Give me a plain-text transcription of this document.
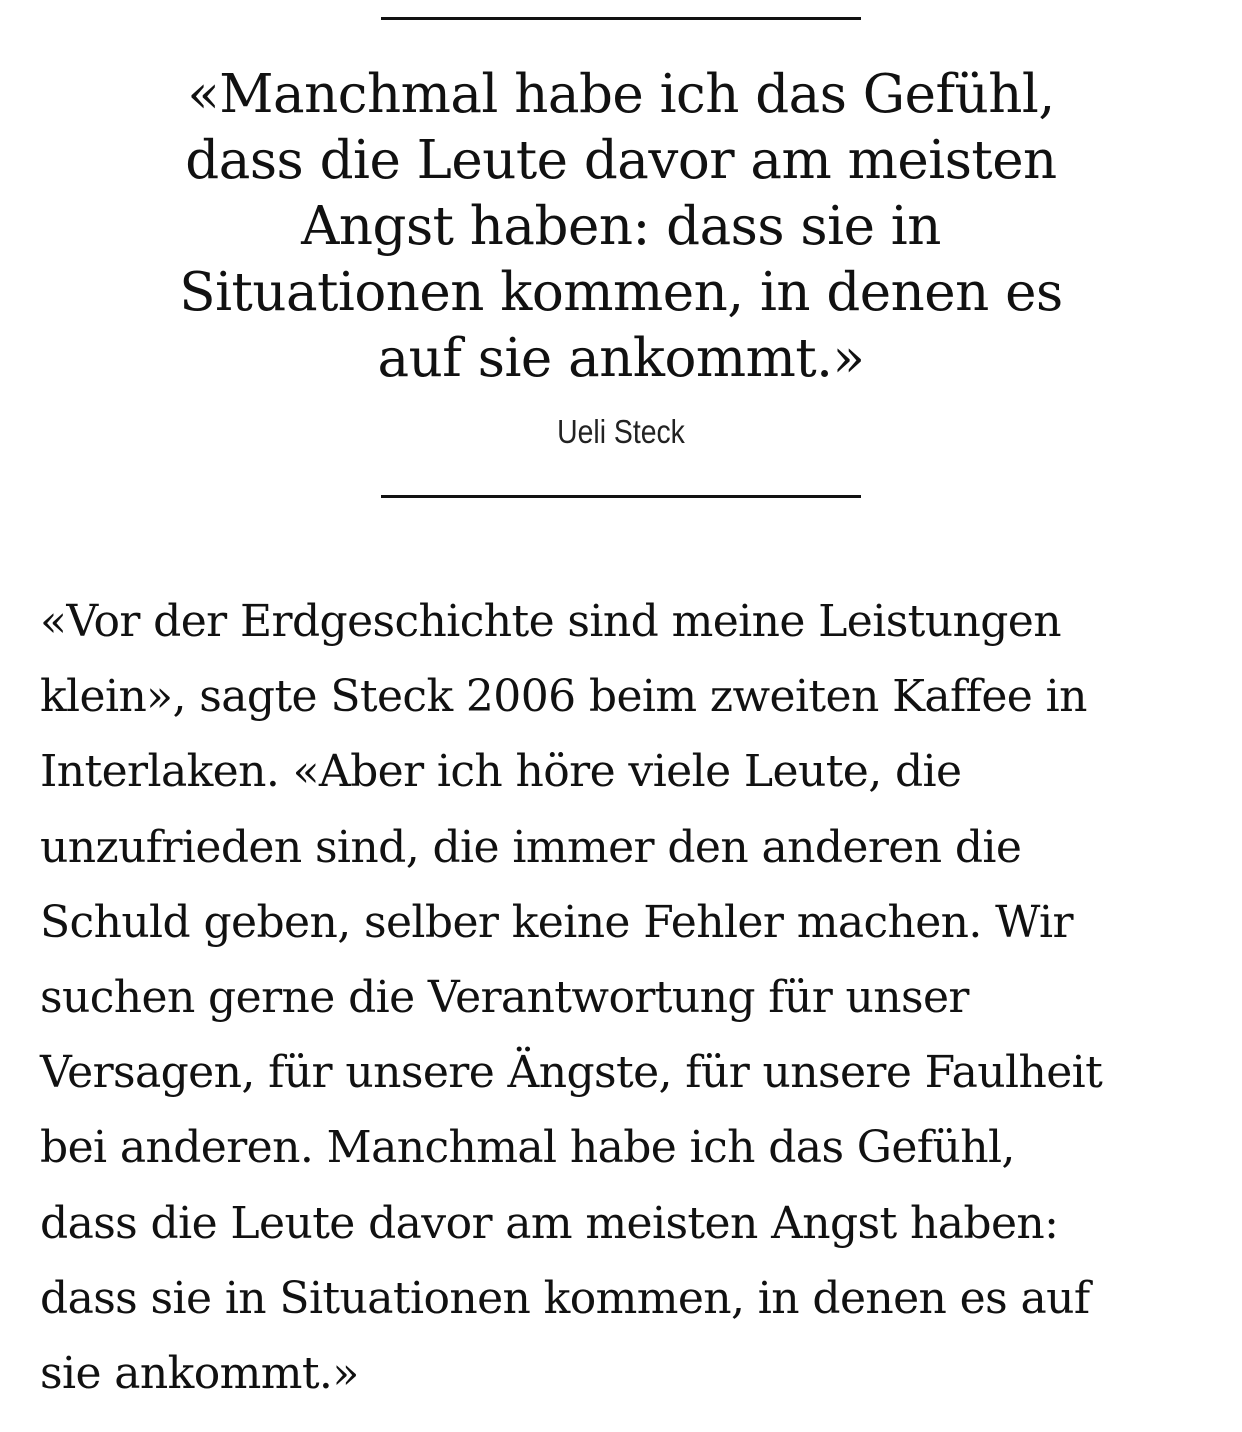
«Manchmal habe ich das Gefühl,
dass die Leute davor am meisten
Angst haben: dass sie in
Situationen kommen, in denen es
auf sie ankommt.»

Ueli Steck

«Vor der Erdgeschichte sind meine Leistungen
klein», sagte Steck 2006 beim zweiten Kaffee in
Interlaken. «Aber ich höre viele Leute, die
unzufrieden sind, die immer den anderen die
Schuld geben, selber keine Fehler machen. Wir
suchen gerne die Verantwortung für unser
Versagen, für unsere Ängste, für unsere Faulheit
bei anderen. Manchmal habe ich das Gefühl,
dass die Leute davor am meisten Angst haben:
dass sie in Situationen kommen, in denen es auf
sie ankommt.»
